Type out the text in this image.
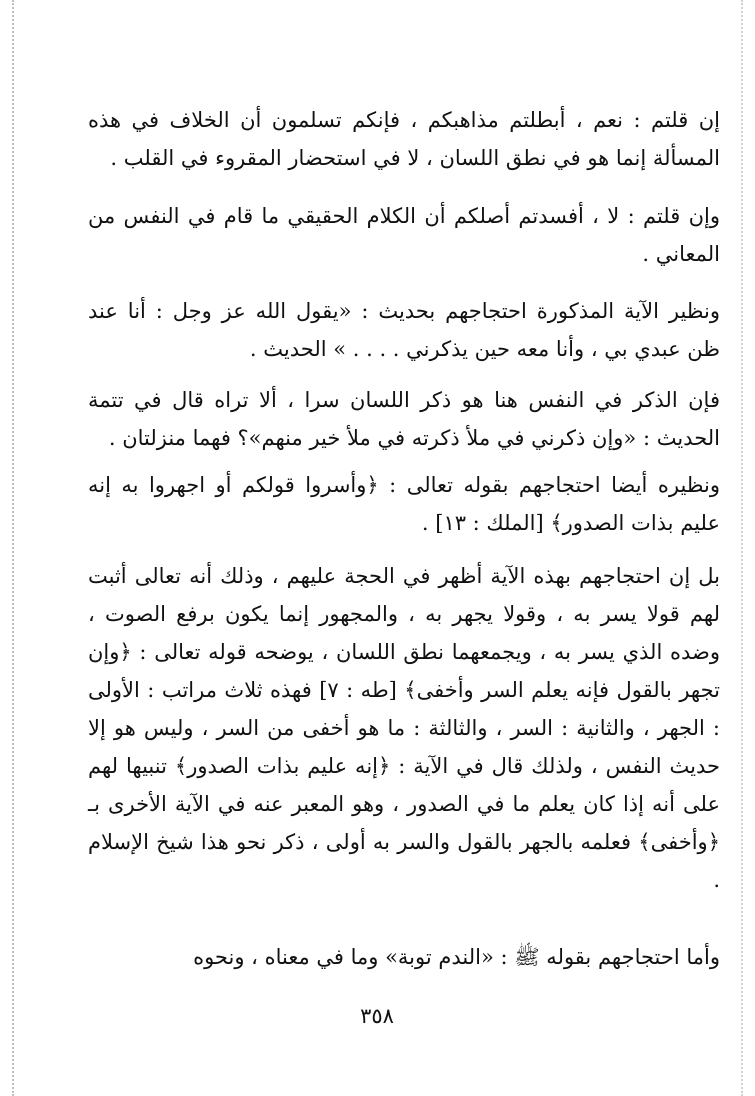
إن قلتم : نعم ، أبطلتم مذاهبكم ، فإنكم تسلمون أن الخلاف في هذه المسألة إنما هو في نطق اللسان ، لا في استحضار المقروء في القلب .

وإن قلتم : لا ، أفسدتم أصلكم أن الكلام الحقيقي ما قام في النفس من المعاني .

ونظير الآية المذكورة احتجاجهم بحديث : «يقول الله عز وجل : أنا عند ظن عبدي بي ، وأنا معه حين يذكرني . . . . » الحديث .

فإن الذكر في النفس هنا هو ذكر اللسان سرا ، ألا تراه قال في تتمة الحديث : «وإن ذكرني في ملأ ذكرته في ملأ خير منهم»؟ فهما منزلتان .

ونظيره أيضا احتجاجهم بقوله تعالى : ﴿وأسروا قولكم أو اجهروا به إنه عليم بذات الصدور﴾ [الملك : ١٣] .

بل إن احتجاجهم بهذه الآية أظهر في الحجة عليهم ، وذلك أنه تعالى أثبت لهم قولا يسر به ، وقولا يجهر به ، والمجهور إنما يكون برفع الصوت ، وضده الذي يسر به ، ويجمعهما نطق اللسان ، يوضحه قوله تعالى : ﴿وإن تجهر بالقول فإنه يعلم السر وأخفى﴾ [طه : ٧] فهذه ثلاث مراتب : الأولى : الجهر ، والثانية : السر ، والثالثة : ما هو أخفى من السر ، وليس هو إلا حديث النفس ، ولذلك قال في الآية : ﴿إنه عليم بذات الصدور﴾ تنبيها لهم على أنه إذا كان يعلم ما في الصدور ، وهو المعبر عنه في الآية الأخرى بـ ﴿وأخفى﴾ فعلمه بالجهر بالقول والسر به أولى ، ذكر نحو هذا شيخ الإسلام .

وأما احتجاجهم بقوله ﷺ : «الندم توبة» وما في معناه ، ونحوه

٣٥٨
